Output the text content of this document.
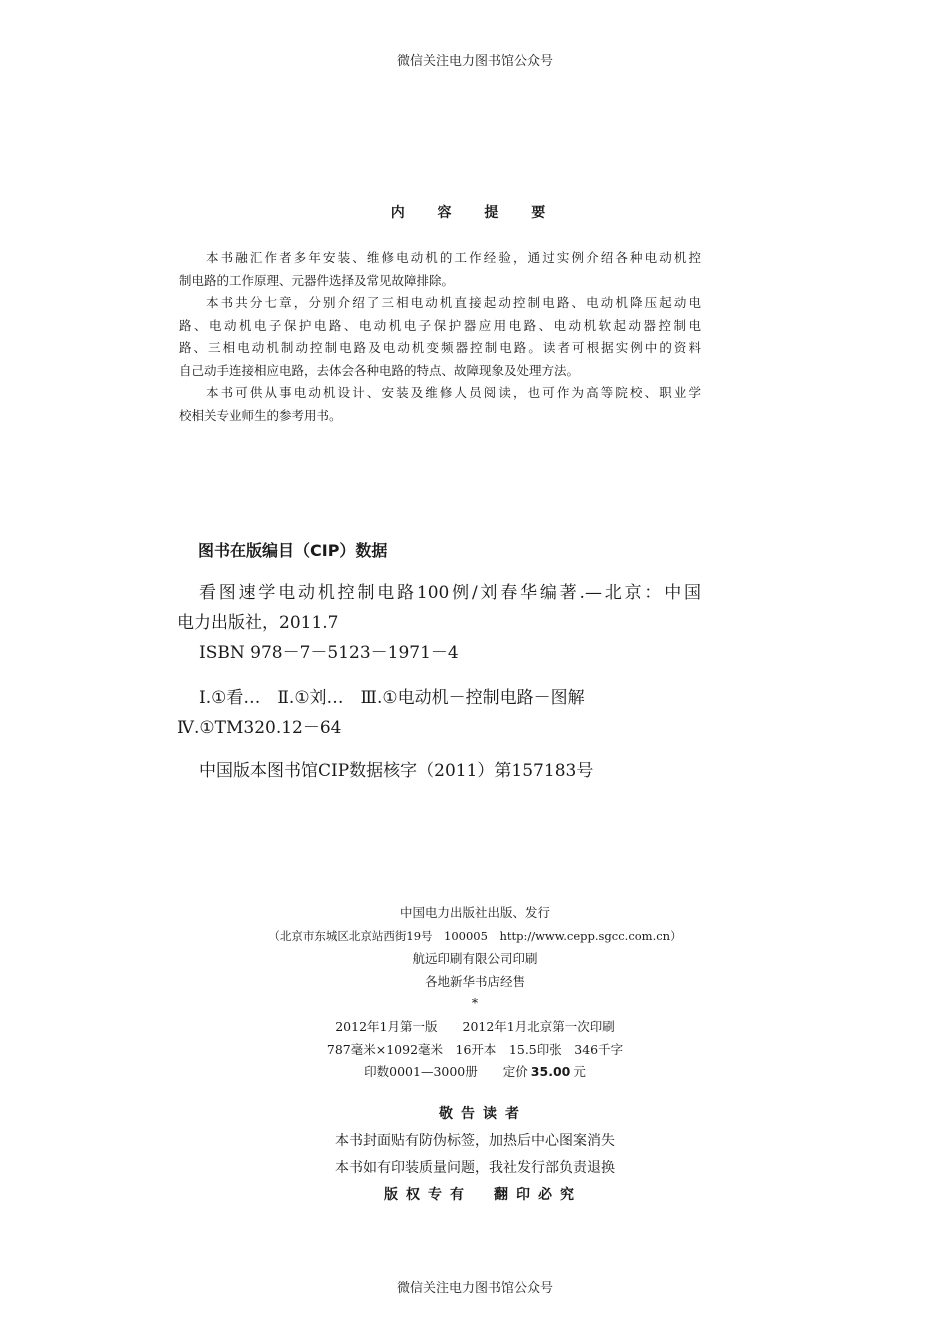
微信关注电力图书馆公众号
内 容 提 要
本书融汇作者多年安装、维修电动机的工作经验，通过实例介绍各种电动机控
制电路的工作原理、元器件选择及常见故障排除。
本书共分七章，分别介绍了三相电动机直接起动控制电路、电动机降压起动电
路、电动机电子保护电路、电动机电子保护器应用电路、电动机软起动器控制电
路、三相电动机制动控制电路及电动机变频器控制电路。读者可根据实例中的资料
自己动手连接相应电路，去体会各种电路的特点、故障现象及处理方法。
本书可供从事电动机设计、安装及维修人员阅读，也可作为高等院校、职业学
校相关专业师生的参考用书。
图书在版编目（CIP）数据
看图速学电动机控制电路100例/刘春华编著.—北京：中国
电力出版社，2011.7
ISBN 978－7－5123－1971－4
Ⅰ.①看…　Ⅱ.①刘…　Ⅲ.①电动机－控制电路－图解
Ⅳ.①TM320.12－64
中国版本图书馆CIP数据核字（2011）第157183号
中国电力出版社出版、发行
（北京市东城区北京站西街19号　100005　http://www.cepp.sgcc.com.cn）
航远印刷有限公司印刷
各地新华书店经售
*
2012年1月第一版　　2012年1月北京第一次印刷
787毫米×1092毫米　16开本　15.5印张　346千字
印数0001—3000册　　 定价 35.00 元
敬告读者
本书封面贴有防伪标签，加热后中心图案消失
本书如有印装质量问题，我社发行部负责退换
版权专有　翻印必究
微信关注电力图书馆公众号
